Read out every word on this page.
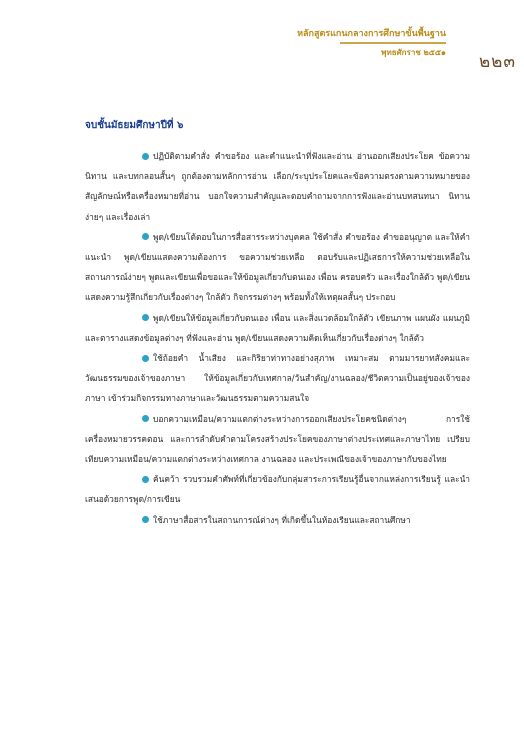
หลักสูตรแกนกลางการศึกษาขั้นพื้นฐาน
พุทธศักราช ๒๕๕๑ ๒๒๓
จบชั้นมัธยมศึกษาปีที่ ๖

ปฏิบัติตามคำสั่ง คำขอร้อง และคำแนะนำที่ฟังและอ่าน อ่านออกเสียงประโยค ข้อความ นิทาน และบทกลอนสั้นๆ ถูกต้องตามหลักการอ่าน เลือก/ระบุประโยคและข้อความตรงตามความหมายของสัญลักษณ์หรือเครื่องหมายที่อ่าน บอกใจความสำคัญและตอบคำถามจากการฟังและอ่านบทสนทนา นิทานง่ายๆ และเรื่องเล่า

พูด/เขียนโต้ตอบในการสื่อสารระหว่างบุคคล ใช้คำสั่ง คำขอร้อง คำขออนุญาต และให้คำแนะนำ พูด/เขียนแสดงความต้องการ ขอความช่วยเหลือ ตอบรับและปฏิเสธการให้ความช่วยเหลือในสถานการณ์ง่ายๆ พูดและเขียนเพื่อขอและให้ข้อมูลเกี่ยวกับตนเอง เพื่อน ครอบครัว และเรื่องใกล้ตัว พูด/เขียนแสดงความรู้สึกเกี่ยวกับเรื่องต่างๆ ใกล้ตัว กิจกรรมต่างๆ พร้อมทั้งให้เหตุผลสั้นๆ ประกอบ

พูด/เขียนให้ข้อมูลเกี่ยวกับตนเอง เพื่อน และสิ่งแวดล้อมใกล้ตัว เขียนภาพ แผนผัง แผนภูมิ และตารางแสดงข้อมูลต่างๆ ที่ฟังและอ่าน พูด/เขียนแสดงความคิดเห็นเกี่ยวกับเรื่องต่างๆ ใกล้ตัว

ใช้ถ้อยคำ น้ำเสียง และกิริยาท่าทางอย่างสุภาพ เหมาะสม ตามมารยาทสังคมและวัฒนธรรมของเจ้าของภาษา ให้ข้อมูลเกี่ยวกับเทศกาล/วันสำคัญ/งานฉลอง/ชีวิตความเป็นอยู่ของเจ้าของภาษา เข้าร่วมกิจกรรมทางภาษาและวัฒนธรรมตามความสนใจ

บอกความเหมือน/ความแตกต่างระหว่างการออกเสียงประโยคชนิดต่างๆ การใช้เครื่องหมายวรรคตอน และการลำดับคำตามโครงสร้างประโยคของภาษาต่างประเทศและภาษาไทย เปรียบเทียบความเหมือน/ความแตกต่างระหว่างเทศกาล งานฉลอง และประเพณีของเจ้าของภาษากับของไทย

ค้นคว้า รวบรวมคำศัพท์ที่เกี่ยวข้องกับกลุ่มสาระการเรียนรู้อื่นจากแหล่งการเรียนรู้ และนำเสนอด้วยการพูด/การเขียน

ใช้ภาษาสื่อสารในสถานการณ์ต่างๆ ที่เกิดขึ้นในห้องเรียนและสถานศึกษา
